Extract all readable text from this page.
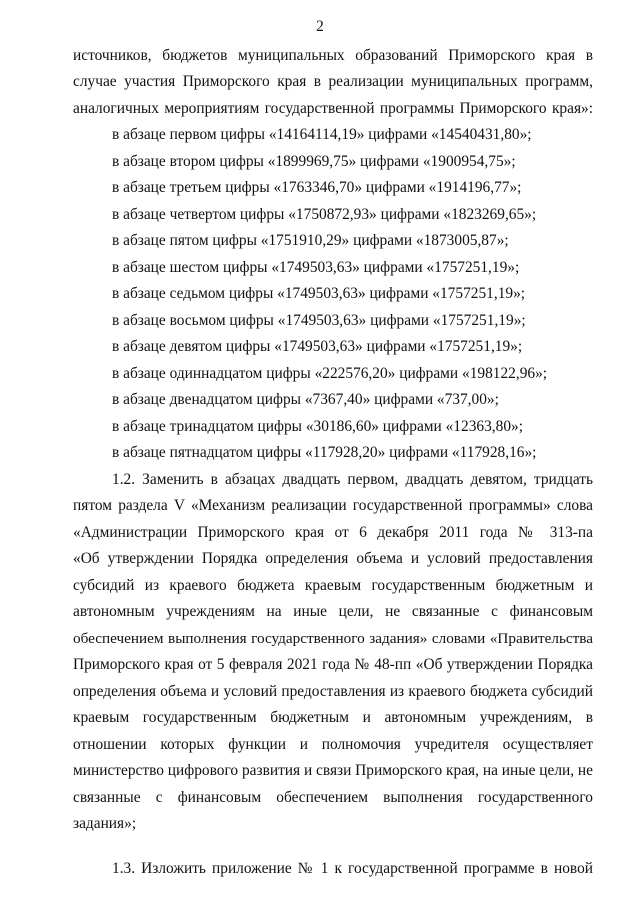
2
источников, бюджетов муниципальных образований Приморского края в
случае участия Приморского края в реализации муниципальных программ,
аналогичных мероприятиям государственной программы Приморского края»:
в абзаце первом цифры «14164114,19» цифрами «14540431,80»;
в абзаце втором цифры «1899969,75» цифрами «1900954,75»;
в абзаце третьем цифры «1763346,70» цифрами «1914196,77»;
в абзаце четвертом цифры «1750872,93» цифрами «1823269,65»;
в абзаце пятом цифры «1751910,29» цифрами «1873005,87»;
в абзаце шестом цифры «1749503,63» цифрами «1757251,19»;
в абзаце седьмом цифры «1749503,63» цифрами «1757251,19»;
в абзаце восьмом цифры «1749503,63» цифрами «1757251,19»;
в абзаце девятом цифры «1749503,63» цифрами «1757251,19»;
в абзаце одиннадцатом цифры «222576,20» цифрами «198122,96»;
в абзаце двенадцатом цифры «7367,40» цифрами «737,00»;
в абзаце тринадцатом цифры «30186,60» цифрами «12363,80»;
в абзаце пятнадцатом цифры «117928,20» цифрами «117928,16»;
1.2. Заменить в абзацах двадцать первом, двадцать девятом, тридцать
пятом раздела V «Механизм реализации государственной программы» слова
«Администрации Приморского края от 6 декабря 2011 года № 313-па
«Об утверждении Порядка определения объема и условий предоставления
субсидий из краевого бюджета краевым государственным бюджетным и
автономным учреждениям на иные цели, не связанные с финансовым
обеспечением выполнения государственного задания» словами «Правительства
Приморского края от 5 февраля 2021 года № 48-пп «Об утверждении Порядка
определения объема и условий предоставления из краевого бюджета субсидий
краевым государственным бюджетным и автономным учреждениям, в
отношении которых функции и полномочия учредителя осуществляет
министерство цифрового развития и связи Приморского края, на иные цели, не
связанные с финансовым обеспечением выполнения государственного
задания»;
1.3. Изложить приложение № 1 к государственной программе в новой
